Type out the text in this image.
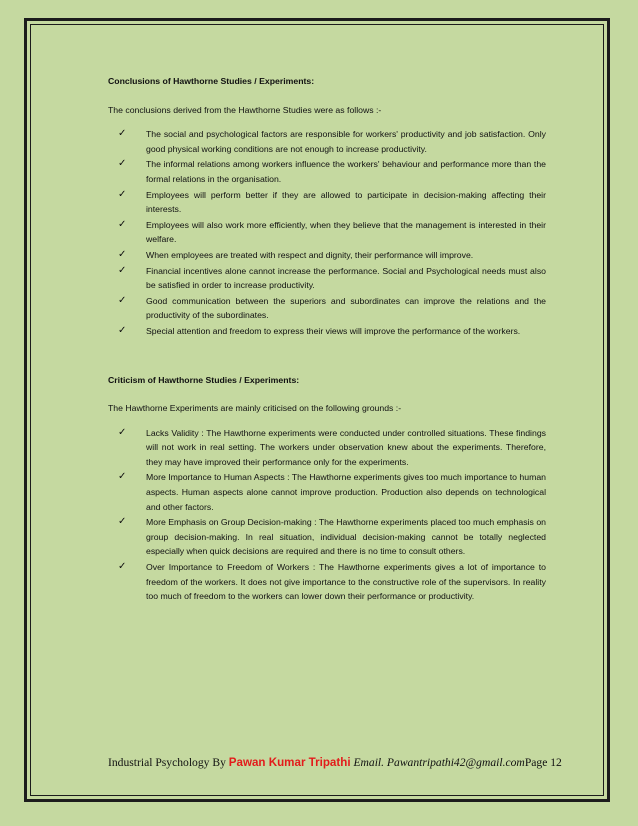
Conclusions of Hawthorne Studies / Experiments:

The conclusions derived from the Hawthorne Studies were as follows :-

✓ The social and psychological factors are responsible for workers' productivity and job satisfaction. Only good physical working conditions are not enough to increase productivity.
✓ The informal relations among workers influence the workers' behaviour and performance more than the formal relations in the organisation.
✓ Employees will perform better if they are allowed to participate in decision-making affecting their interests.
✓ Employees will also work more efficiently, when they believe that the management is interested in their welfare.
✓ When employees are treated with respect and dignity, their performance will improve.
✓ Financial incentives alone cannot increase the performance. Social and Psychological needs must also be satisfied in order to increase productivity.
✓ Good communication between the superiors and subordinates can improve the relations and the productivity of the subordinates.
✓ Special attention and freedom to express their views will improve the performance of the workers.

Criticism of Hawthorne Studies / Experiments:

The Hawthorne Experiments are mainly criticised on the following grounds :-

✓ Lacks Validity : The Hawthorne experiments were conducted under controlled situations. These findings will not work in real setting. The workers under observation knew about the experiments. Therefore, they may have improved their performance only for the experiments.
✓ More Importance to Human Aspects : The Hawthorne experiments gives too much importance to human aspects. Human aspects alone cannot improve production. Production also depends on technological and other factors.
✓ More Emphasis on Group Decision-making : The Hawthorne experiments placed too much emphasis on group decision-making. In real situation, individual decision-making cannot be totally neglected especially when quick decisions are required and there is no time to consult others.
✓ Over Importance to Freedom of Workers : The Hawthorne experiments gives a lot of importance to freedom of the workers. It does not give importance to the constructive role of the supervisors. In reality too much of freedom to the workers can lower down their performance or productivity.
Industrial Psychology By Pawan Kumar Tripathi Email. Pawantripathi42@gmail.comPage 12
